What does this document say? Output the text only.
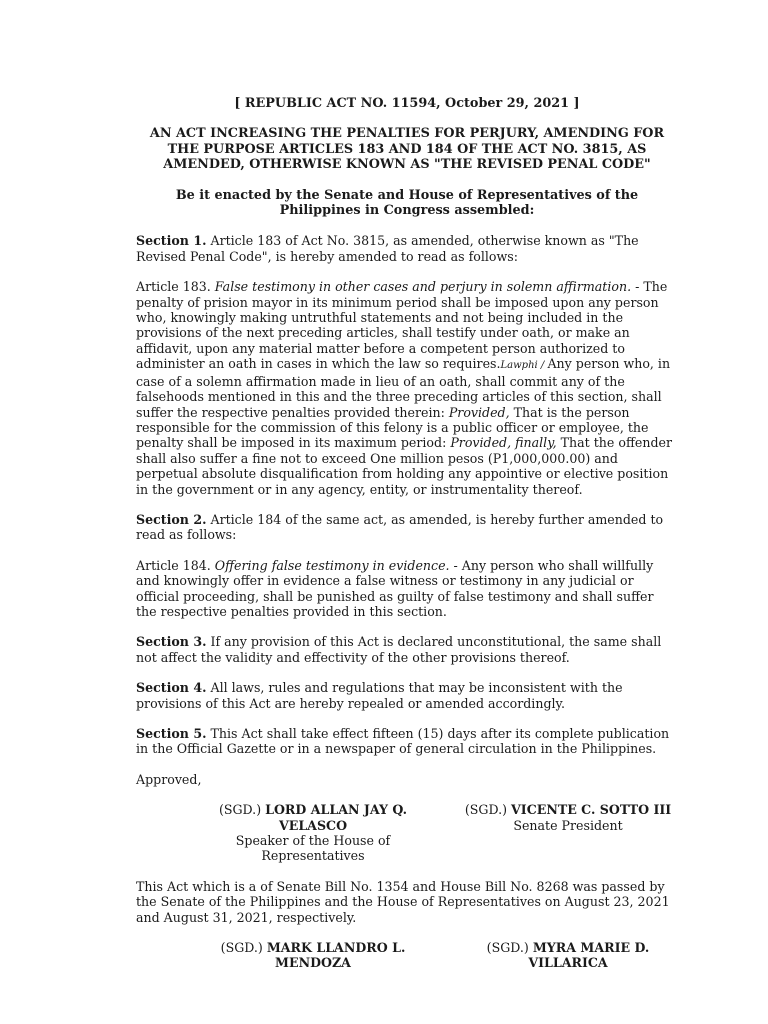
[ REPUBLIC ACT NO. 11594, October 29, 2021 ]
AN ACT INCREASING THE PENALTIES FOR PERJURY, AMENDING FOR THE PURPOSE ARTICLES 183 AND 184 OF THE ACT NO. 3815, AS AMENDED, OTHERWISE KNOWN AS "THE REVISED PENAL CODE"
Be it enacted by the Senate and House of Representatives of the Philippines in Congress assembled:

Section 1. Article 183 of Act No. 3815, as amended, otherwise known as "The Revised Penal Code", is hereby amended to read as follows:

Article 183. False testimony in other cases and perjury in solemn affirmation. - The penalty of prision mayor in its minimum period shall be imposed upon any person who, knowingly making untruthful statements and not being included in the provisions of the next preceding articles, shall testify under oath, or make an affidavit, upon any material matter before a competent person authorized to administer an oath in cases in which the law so requires.Lawphi / Any person who, in case of a solemn affirmation made in lieu of an oath, shall commit any of the falsehoods mentioned in this and the three preceding articles of this section, shall suffer the respective penalties provided therein: Provided, That is the person responsible for the commission of this felony is a public officer or employee, the penalty shall be imposed in its maximum period: Provided, finally, That the offender shall also suffer a fine not to exceed One million pesos (P1,000,000.00) and perpetual absolute disqualification from holding any appointive or elective position in the government or in any agency, entity, or instrumentality thereof.

Section 2. Article 184 of the same act, as amended, is hereby further amended to read as follows:

Article 184. Offering false testimony in evidence. - Any person who shall willfully and knowingly offer in evidence a false witness or testimony in any judicial or official proceeding, shall be punished as guilty of false testimony and shall suffer the respective penalties provided in this section.

Section 3. If any provision of this Act is declared unconstitutional, the same shall not affect the validity and effectivity of the other provisions thereof.

Section 4. All laws, rules and regulations that may be inconsistent with the provisions of this Act are hereby repealed or amended accordingly.

Section 5. This Act shall take effect fifteen (15) days after its complete publication in the Official Gazette or in a newspaper of general circulation in the Philippines.

Approved,

(SGD.) LORD ALLAN JAY Q. VELASCO
Speaker of the House of Representatives
(SGD.) VICENTE C. SOTTO III
Senate President

This Act which is a of Senate Bill No. 1354 and House Bill No. 8268 was passed by the Senate of the Philippines and the House of Representatives on August 23, 2021 and August 31, 2021, respectively.

(SGD.) MARK LLANDRO L. MENDOZA
(SGD.) MYRA MARIE D. VILLARICA
